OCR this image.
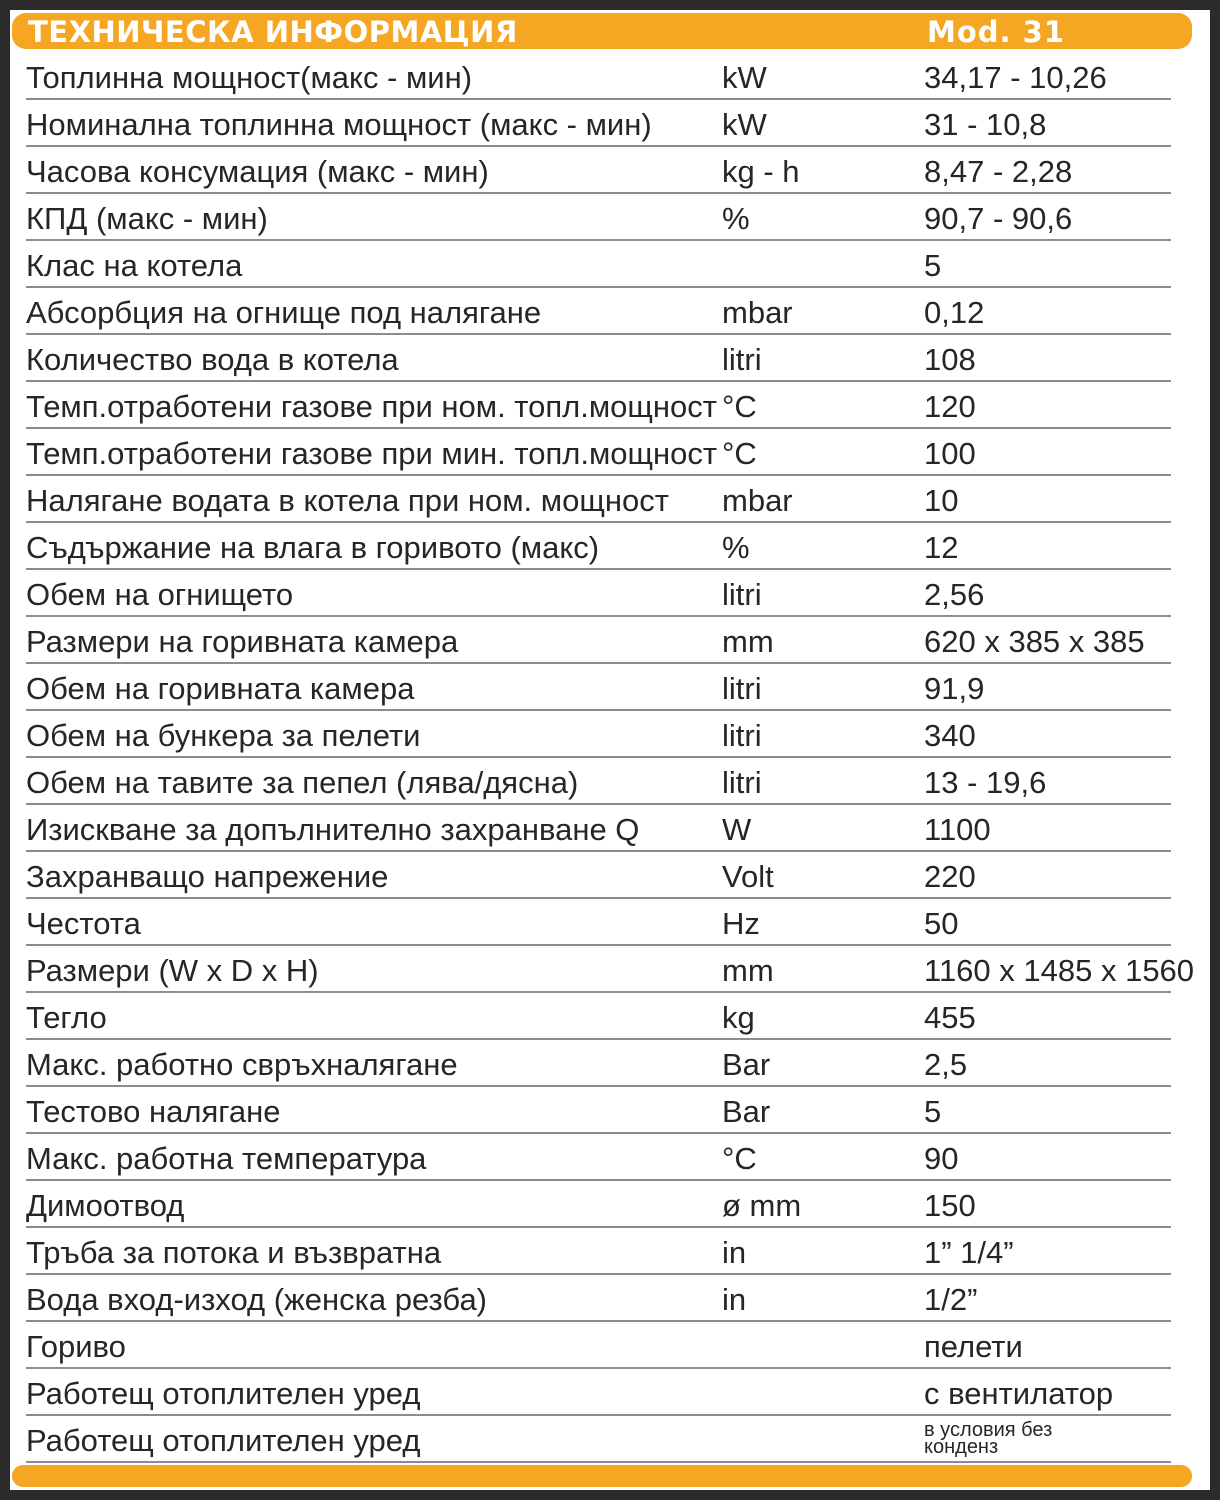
ТЕХНИЧЕСКА ИНФОРМАЦИЯ	Mod. 31
Топлинна мощност(макс - мин)	kW	34,17 - 10,26
Номинална топлинна мощност (макс - мин) kW	31 - 10,8
Часова консумация (макс - мин)	kg - h	8,47 - 2,28
КПД (макс - мин)	%	90,7 - 90,6
Клас на котела	5
Абсорбция на огнище под налягане	mbar	0,12
Количество вода в котела	litri	108
Темп.отработени газове при ном. топл.мощност °C	120
Темп.отработени газове при мин. топл.мощност °C	100
Налягане водата в котела при ном. мощност mbar	10
Съдържание на влага в горивото (макс)	%	12
Обем на огнището	litri	2,56
Размери на горивната камера	mm	620 x 385 x 385
Обем на горивната камера	litri	91,9
Обем на бункера за пелети	litri	340
Обем на тавите за пепел (лява/дясна)	litri	13 - 19,6
Изискване за допълнително захранване Q	W	1100
Захранващо напрежение	Volt	220
Честота	Hz	50
Размери (W x D x H)	mm	1160 x 1485 x 1560
Тегло	kg	455
Макс. работно свръхналягане	Bar	2,5
Тестово налягане	Bar	5
Макс. работна температура	°C	90
Димоотвод	ø mm	150
Тръба за потока и възвратна	in	1” 1/4”
Вода вход-изход (женска резба)	in	1/2”
Гориво	пелети
Работещ отоплителен уред	с вентилатор
Работещ отоплителен уред	в условия без конденз
